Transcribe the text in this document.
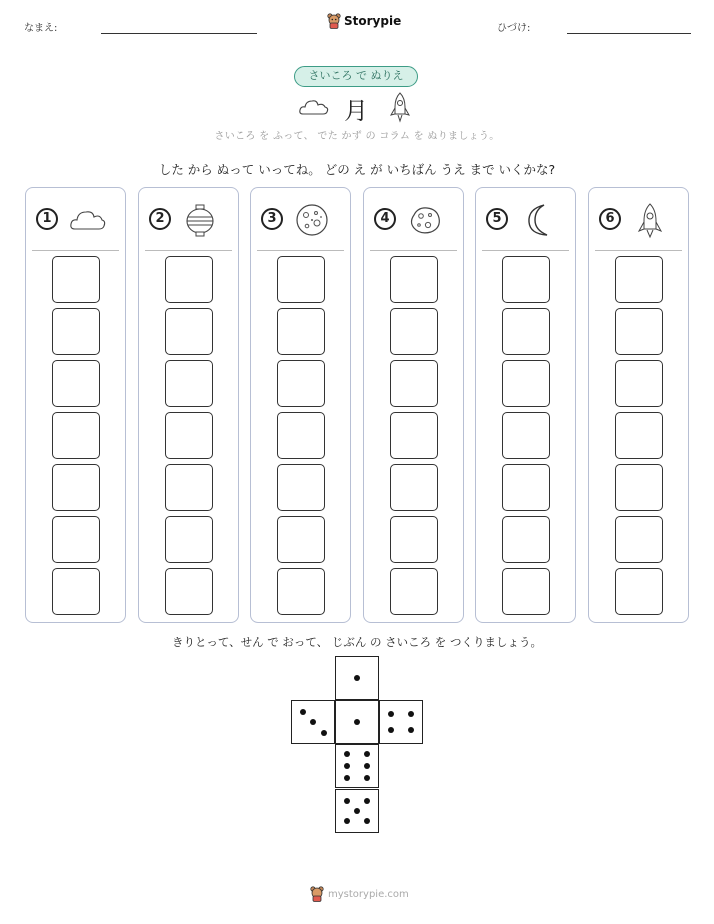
なまえ:
Storypie
ひづけ:
さいころ で ぬりえ
月
さいころ を ふって、 でた かず の コラム を ぬりましょう。
した から ぬって いってね。 どの え が いちばん うえ まで いくかな?
1	2	3	4	5	6
きりとって、せん で おって、 じぶん の さいころ を つくりましょう。
mystorypie.com
